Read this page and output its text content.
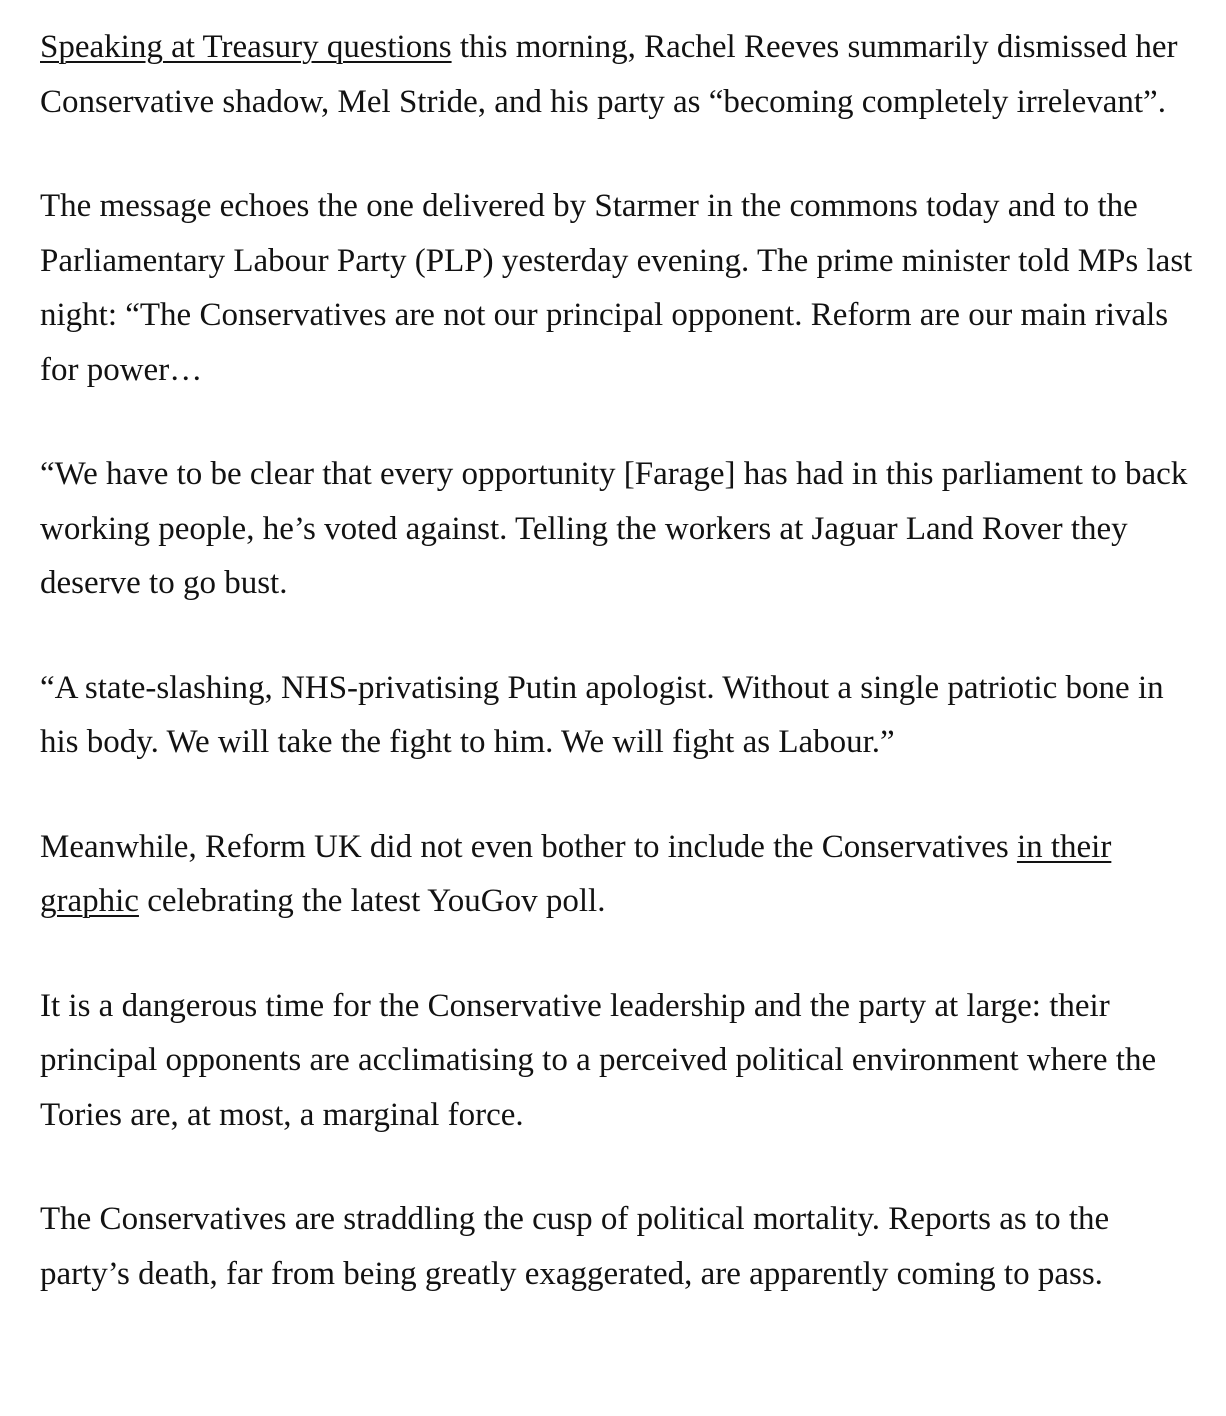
Speaking at Treasury questions this morning, Rachel Reeves summarily dismissed her Conservative shadow, Mel Stride, and his party as “becoming completely irrelevant”.

The message echoes the one delivered by Starmer in the commons today and to the Parliamentary Labour Party (PLP) yesterday evening. The prime minister told MPs last night: “The Conservatives are not our principal opponent. Reform are our main rivals for power…

“We have to be clear that every opportunity [Farage] has had in this parliament to back working people, he’s voted against. Telling the workers at Jaguar Land Rover they deserve to go bust.

“A state-slashing, NHS-privatising Putin apologist. Without a single patriotic bone in his body. We will take the fight to him. We will fight as Labour.”

Meanwhile, Reform UK did not even bother to include the Conservatives in their graphic celebrating the latest YouGov poll.

It is a dangerous time for the Conservative leadership and the party at large: their principal opponents are acclimatising to a perceived political environment where the Tories are, at most, a marginal force.

The Conservatives are straddling the cusp of political mortality. Reports as to the party’s death, far from being greatly exaggerated, are apparently coming to pass.
